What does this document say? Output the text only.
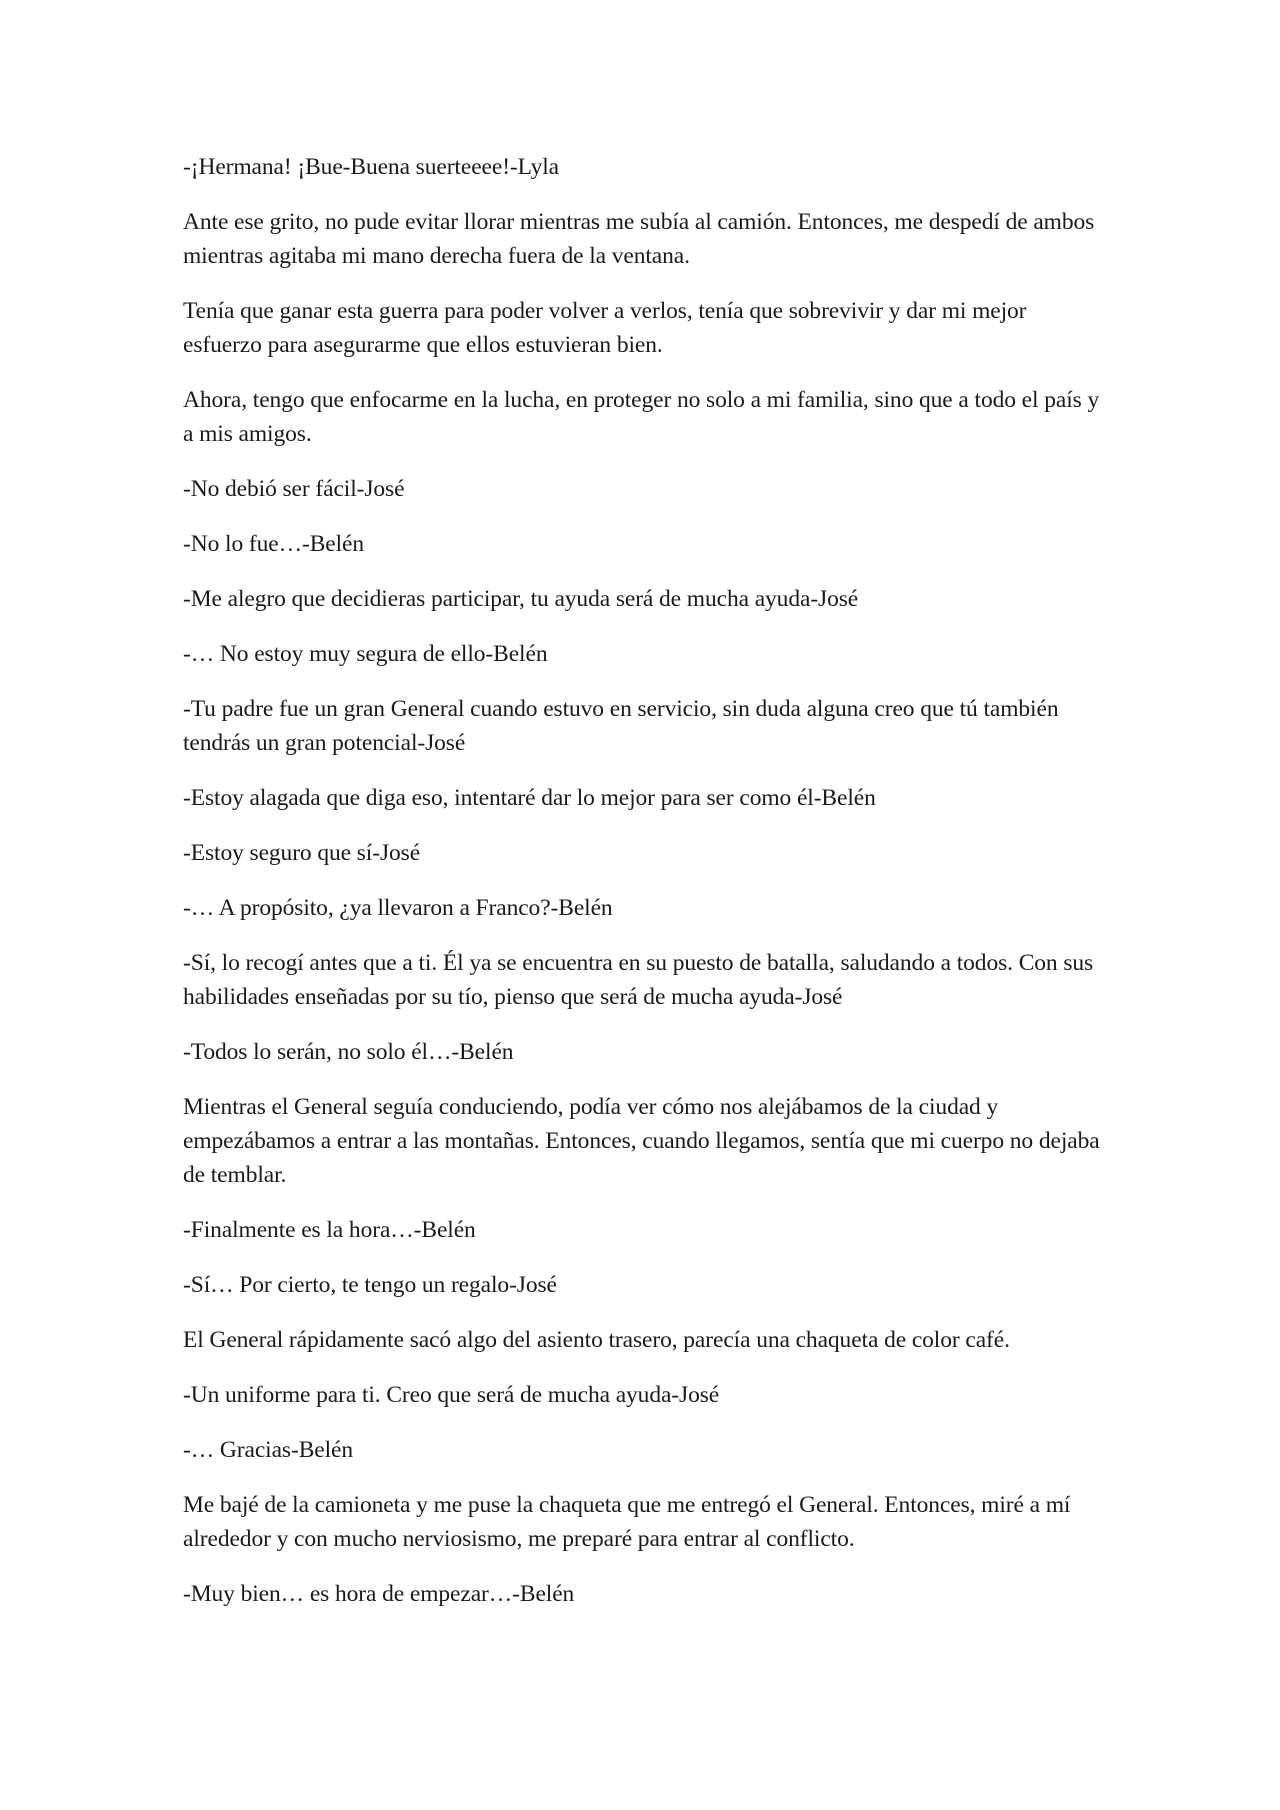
-¡Hermana! ¡Bue-Buena suerteeee!-Lyla

Ante ese grito, no pude evitar llorar mientras me subía al camión. Entonces, me despedí de ambos mientras agitaba mi mano derecha fuera de la ventana.

Tenía que ganar esta guerra para poder volver a verlos, tenía que sobrevivir y dar mi mejor esfuerzo para asegurarme que ellos estuvieran bien.

Ahora, tengo que enfocarme en la lucha, en proteger no solo a mi familia, sino que a todo el país y a mis amigos.

-No debió ser fácil-José

-No lo fue…-Belén

-Me alegro que decidieras participar, tu ayuda será de mucha ayuda-José

-… No estoy muy segura de ello-Belén

-Tu padre fue un gran General cuando estuvo en servicio, sin duda alguna creo que tú también tendrás un gran potencial-José

-Estoy alagada que diga eso, intentaré dar lo mejor para ser como él-Belén

-Estoy seguro que sí-José

-… A propósito, ¿ya llevaron a Franco?-Belén

-Sí, lo recogí antes que a ti. Él ya se encuentra en su puesto de batalla, saludando a todos. Con sus habilidades enseñadas por su tío, pienso que será de mucha ayuda-José

-Todos lo serán, no solo él…-Belén

Mientras el General seguía conduciendo, podía ver cómo nos alejábamos de la ciudad y empezábamos a entrar a las montañas. Entonces, cuando llegamos, sentía que mi cuerpo no dejaba de temblar.

-Finalmente es la hora…-Belén

-Sí… Por cierto, te tengo un regalo-José

El General rápidamente sacó algo del asiento trasero, parecía una chaqueta de color café.

-Un uniforme para ti. Creo que será de mucha ayuda-José

-… Gracias-Belén

Me bajé de la camioneta y me puse la chaqueta que me entregó el General. Entonces, miré a mí alrededor y con mucho nerviosismo, me preparé para entrar al conflicto.

-Muy bien… es hora de empezar…-Belén
